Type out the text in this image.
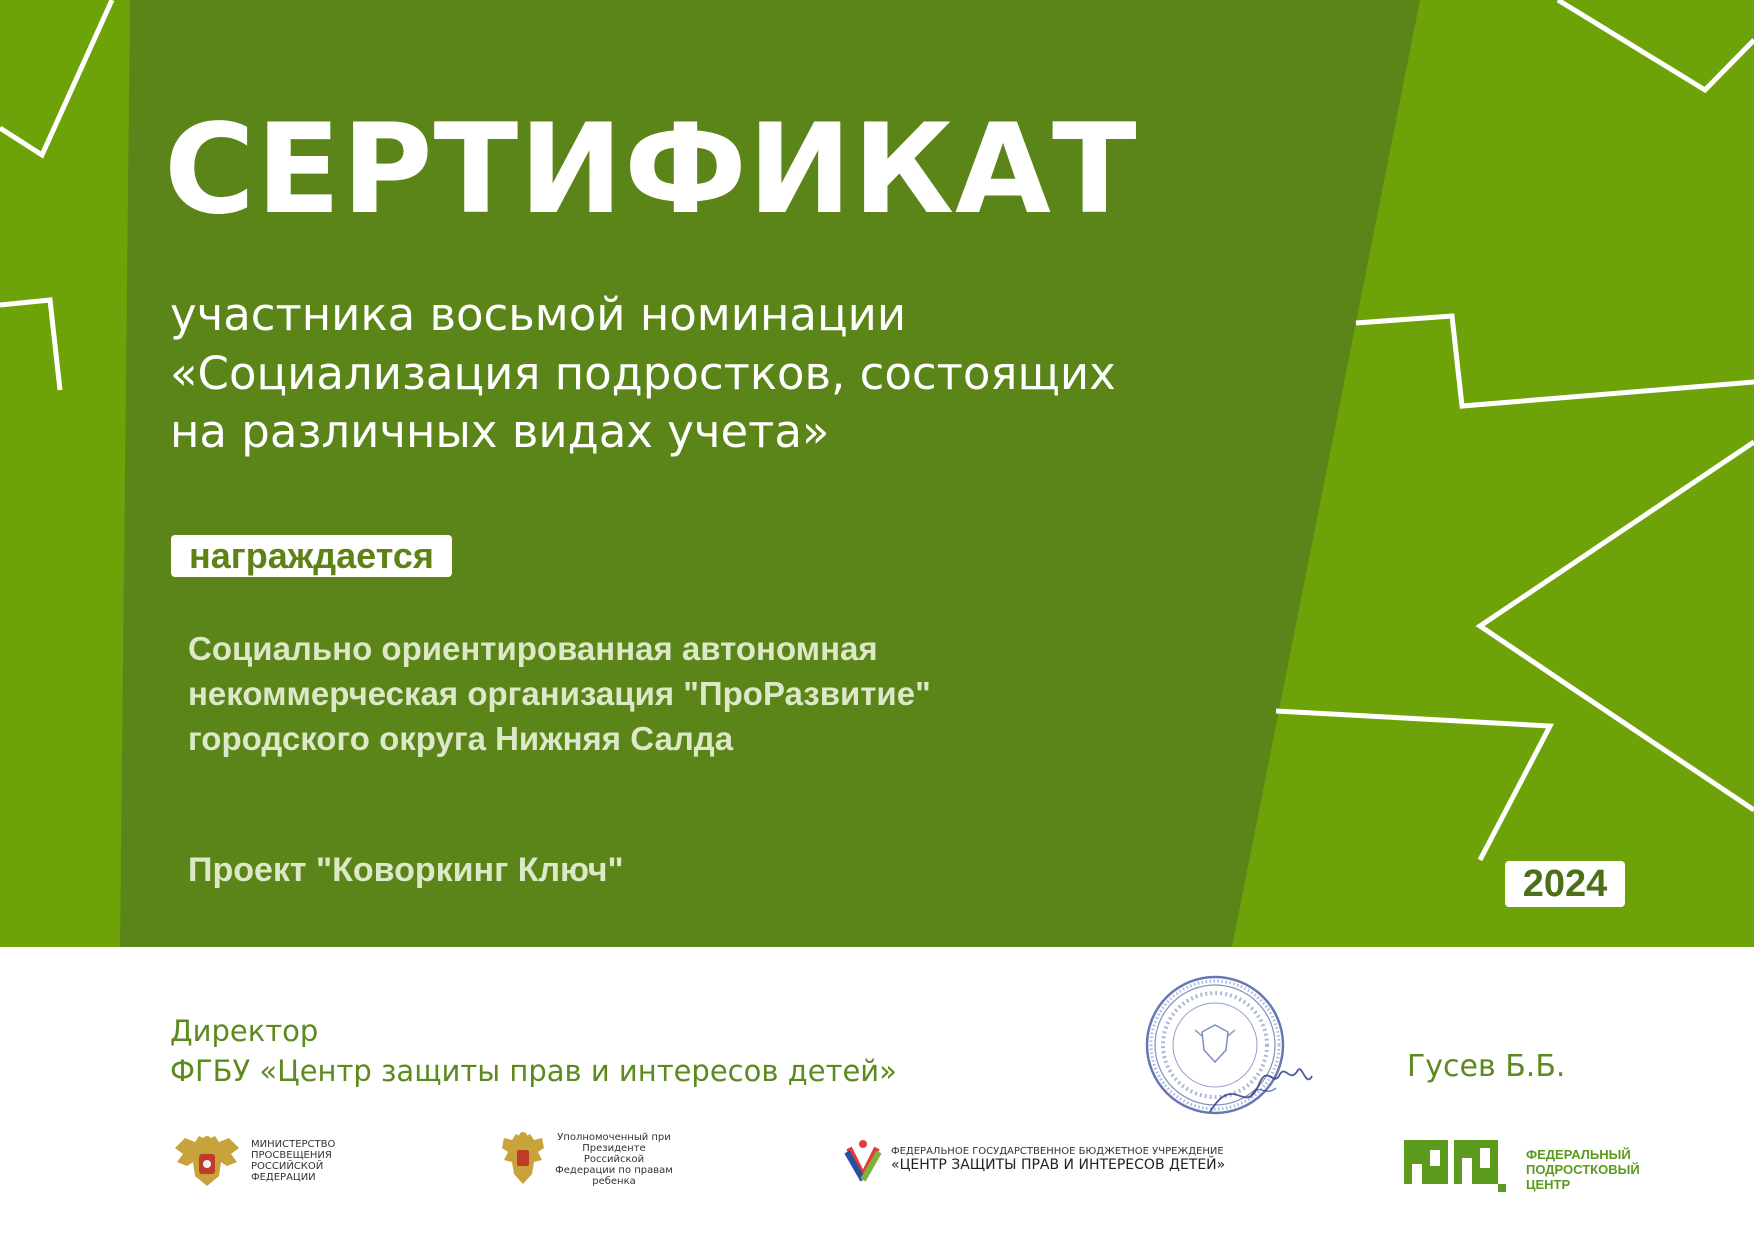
СЕРТИФИКАТ
участника восьмой номинации
«Социализация подростков, состоящих
на различных видах учета»
награждается
Социально ориентированная автономная
некоммерческая организация "ПроРазвитие"
городского округа Нижняя Салда
Проект "Коворкинг Ключ"	2024
Директор
ФГБУ «Центр защиты прав и интересов детей»	Гусев Б.Б.
МИНИСТЕРСТВО ПРОСВЕЩЕНИЯ РОССИЙСКОЙ ФЕДЕРАЦИИ
Уполномоченный при Президенте Российской Федерации по правам ребенка
ФЕДЕРАЛЬНОЕ ГОСУДАРСТВЕННОЕ БЮДЖЕТНОЕ УЧРЕЖДЕНИЕ
«ЦЕНТР ЗАЩИТЫ ПРАВ И ИНТЕРЕСОВ ДЕТЕЙ»
ФЕДЕРАЛЬНЫЙ ПОДРОСТКОВЫЙ ЦЕНТР
